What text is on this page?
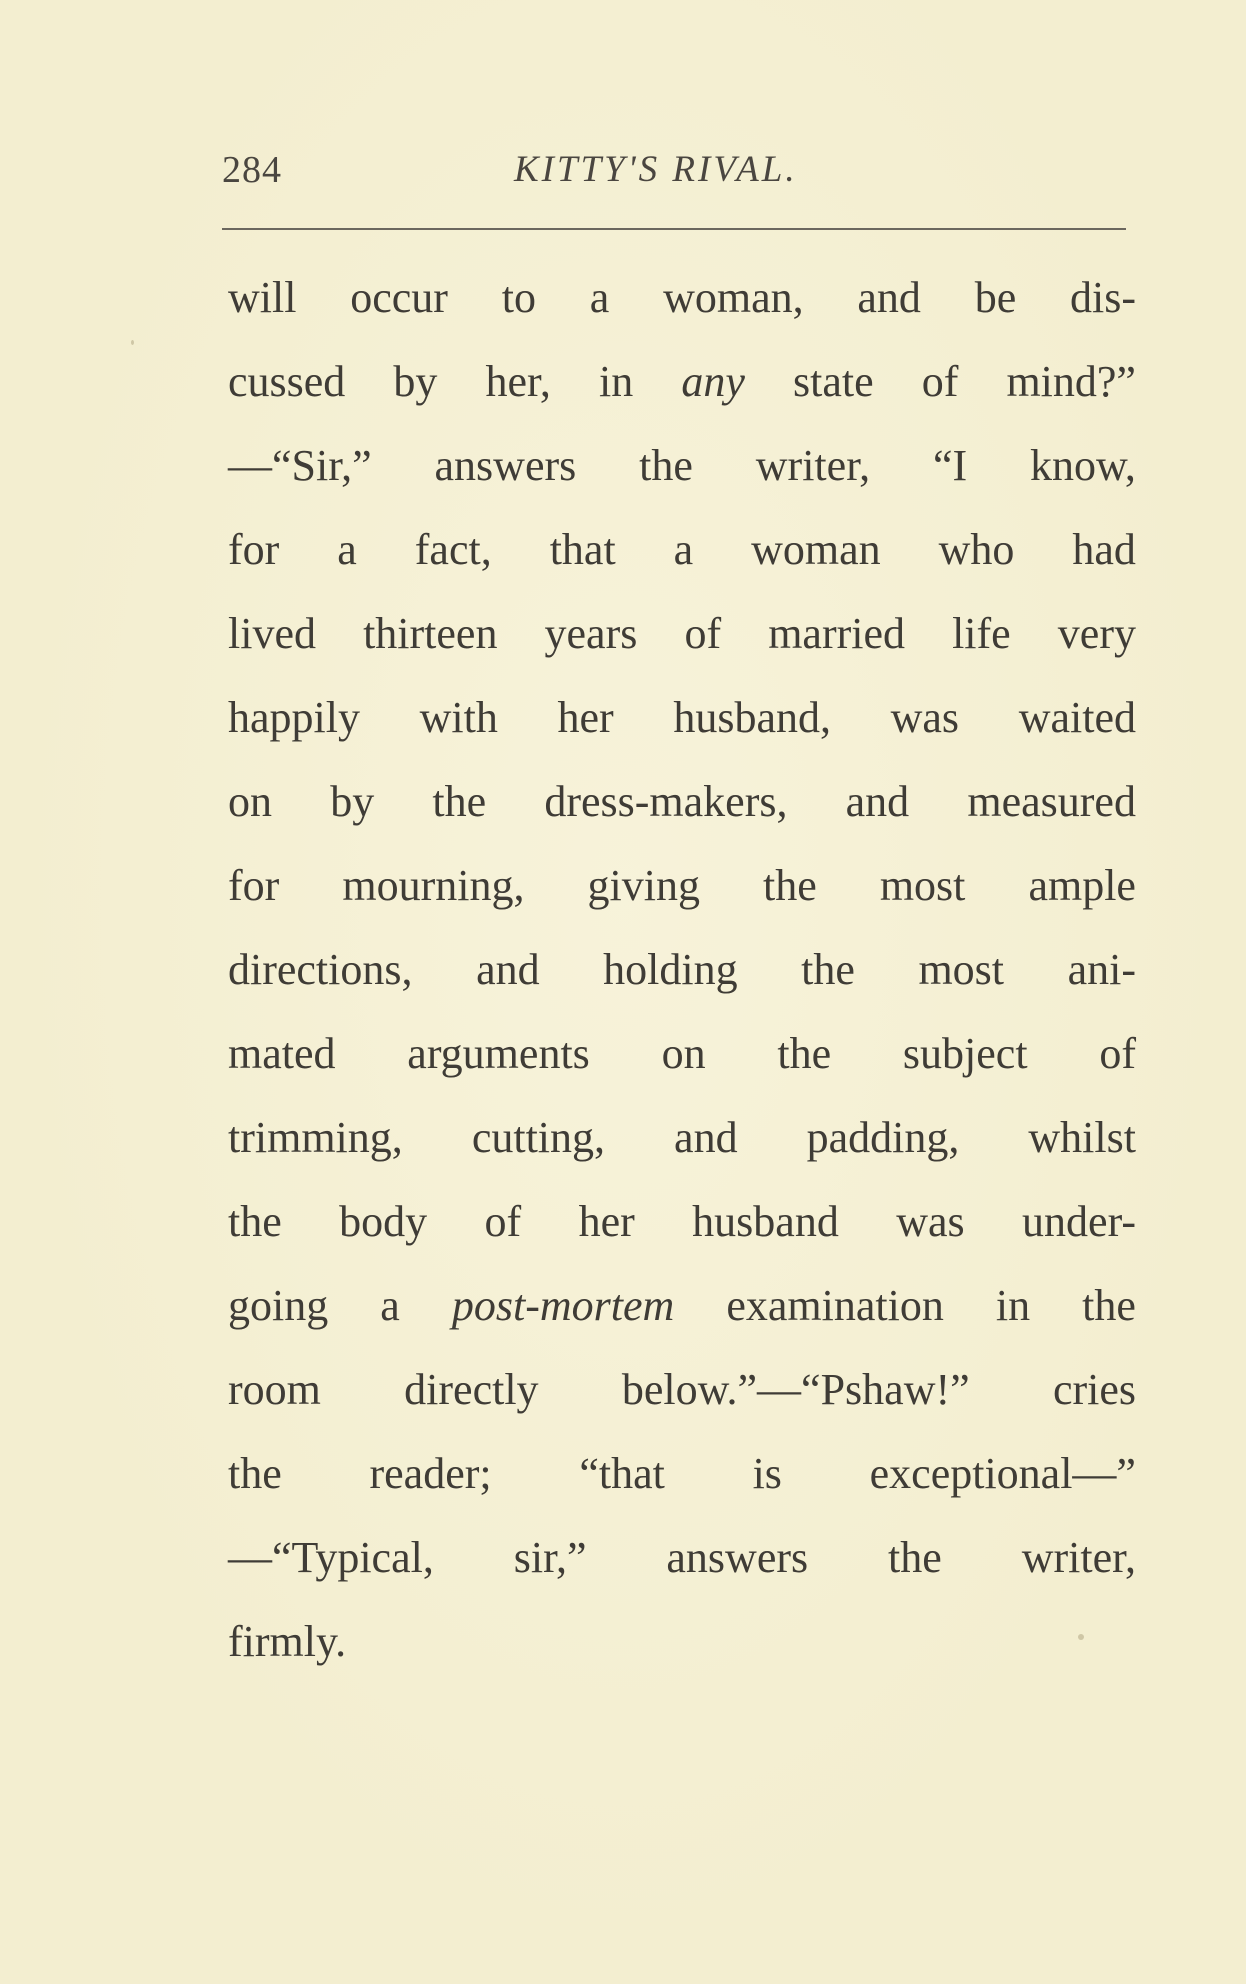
284	KITTY'S RIVAL.
will occur to a woman, and be dis-
cussed by her, in any state of mind?”
—“Sir,” answers the writer, “I know,
for a fact, that a woman who had
lived thirteen years of married life very
happily with her husband, was waited
on by the dress-makers, and measured
for mourning, giving the most ample
directions, and holding the most ani-
mated arguments on the subject of
trimming, cutting, and padding, whilst
the body of her husband was under-
going a post-mortem examination in the
room directly below.”—“Pshaw!” cries
the reader; “that is exceptional—”
—“Typical, sir,” answers the writer,
firmly.
